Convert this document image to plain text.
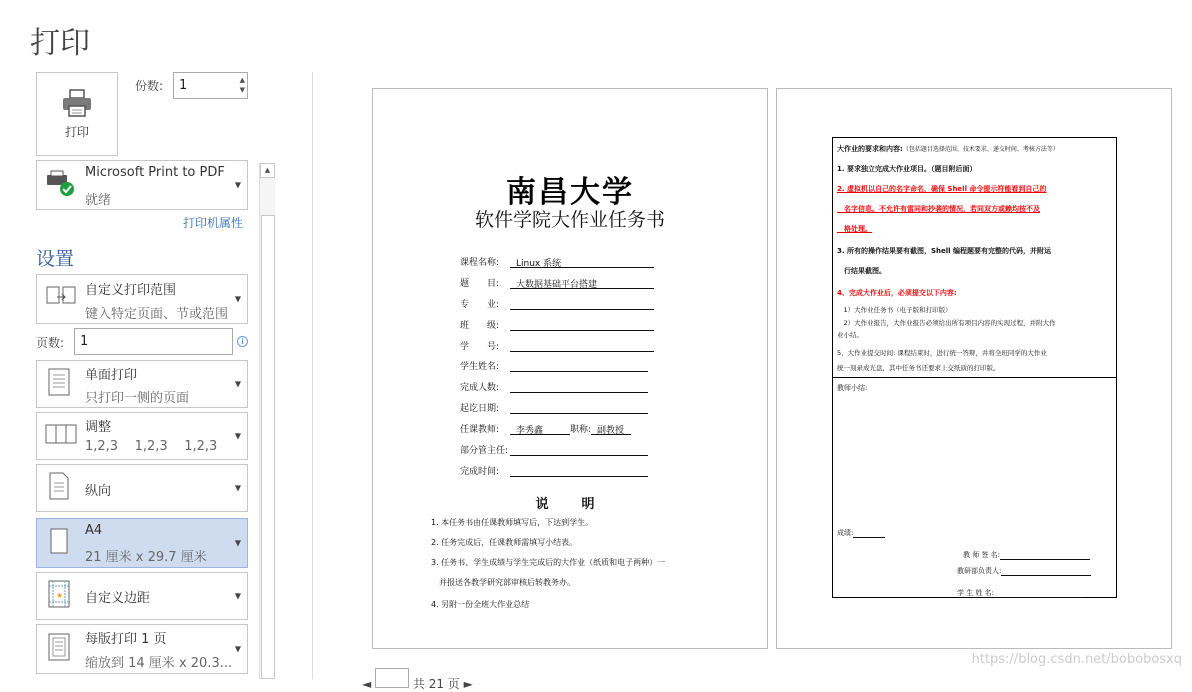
打印
打印
份数:	1	▲
▼
Microsoft Print to PDF
就绪
▼
打印机属性
▲
设置
自定义打印范围
键入特定页面、节或范围
▼
页数:	1	i
单面打印
只打印一侧的页面
▼
调整
1,2,3    1,2,3    1,2,3
▼
纵向	▼
A4
21 厘米 x 29.7 厘米
▼
★ 自定义边距	▼
每版打印 1 页
缩放到 14 厘米 x 20.3...
▼
南昌大学
软件学院大作业任务书
课程名称: Linux 系统
题　　目: 大数据基础平台搭建
专　　业:
班　　级:
学　　号:
学生姓名:
完成人数:
起讫日期:
任课教师: 李秀鑫	职称: 副教授
部分管主任:
完成时间:
说　明
1. 本任务书由任课教师填写后，下达到学生。
2. 任务完成后，任课教师需填写小结表。
3. 任务书、学生成绩与学生完成后的大作业（纸质和电子两种）一
　并报送各教学研究部审核后转教务办。
4. 另附一份全班大作业总结
大作业的要求和内容:（包括题目选择范围、技术要求、递交时间、考核方法等）
1. 要求独立完成大作业项目。（题目附后面）
2. 虚拟机以自己的名字命名，确保 Shell 命令提示符能看到自己的
　名字信息。不允许有雷同和抄袭的情况，若同双方或赖均按不及
　格处理。
3. 所有的操作结果要有截图，Shell 编程题要有完整的代码，并附运
　行结果截图。
4、完成大作业后，必须提交以下内容:
　1）大作业任务书（电子版和打印版）
　2）大作业报告，大作业报告必须给出所有项目内容的实现过程，并附大作
业小结。
5、大作业提交时间: 课程结束时，进行统一答辩，并将全班同学的大作业
统一刻录成光盘，其中任务书还要求上交纸质的打印版。
教师小结:
成绩:
教 师 签 名:
教研部负责人:
学 生 姓 名:
◄	共 21 页 ►
https://blog.csdn.net/bobobosxq
